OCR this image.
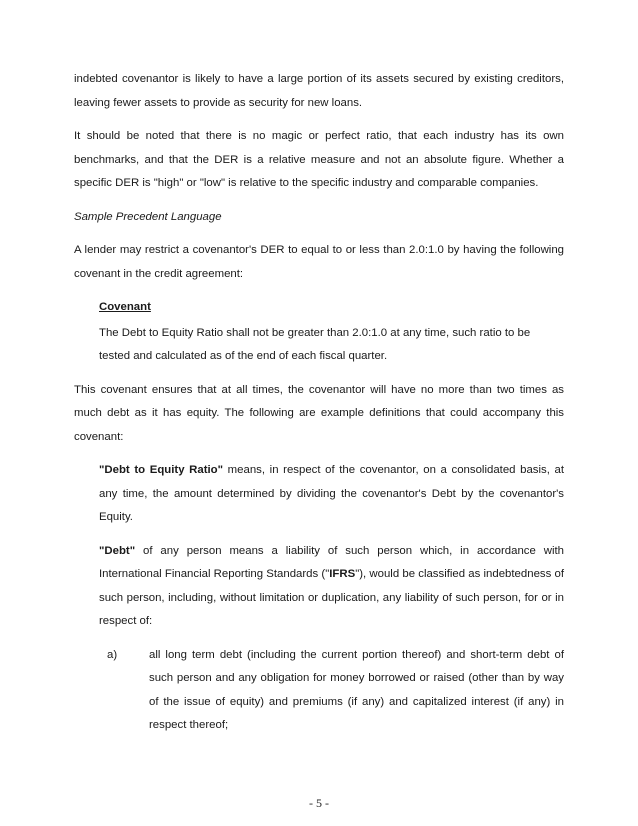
indebted covenantor is likely to have a large portion of its assets secured by existing creditors, leaving fewer assets to provide as security for new loans.

It should be noted that there is no magic or perfect ratio, that each industry has its own benchmarks, and that the DER is a relative measure and not an absolute figure. Whether a specific DER is "high" or "low" is relative to the specific industry and comparable companies.

Sample Precedent Language

A lender may restrict a covenantor's DER to equal to or less than 2.0:1.0 by having the following covenant in the credit agreement:

Covenant

The Debt to Equity Ratio shall not be greater than 2.0:1.0 at any time, such ratio to be tested and calculated as of the end of each fiscal quarter.

This covenant ensures that at all times, the covenantor will have no more than two times as much debt as it has equity. The following are example definitions that could accompany this covenant:

"Debt to Equity Ratio" means, in respect of the covenantor, on a consolidated basis, at any time, the amount determined by dividing the covenantor's Debt by the covenantor's Equity.

"Debt" of any person means a liability of such person which, in accordance with International Financial Reporting Standards ("IFRS"), would be classified as indebtedness of such person, including, without limitation or duplication, any liability of such person, for or in respect of:

a)	all long term debt (including the current portion thereof) and short-term debt of such person and any obligation for money borrowed or raised (other than by way of the issue of equity) and premiums (if any) and capitalized interest (if any) in respect thereof;
- 5 -
